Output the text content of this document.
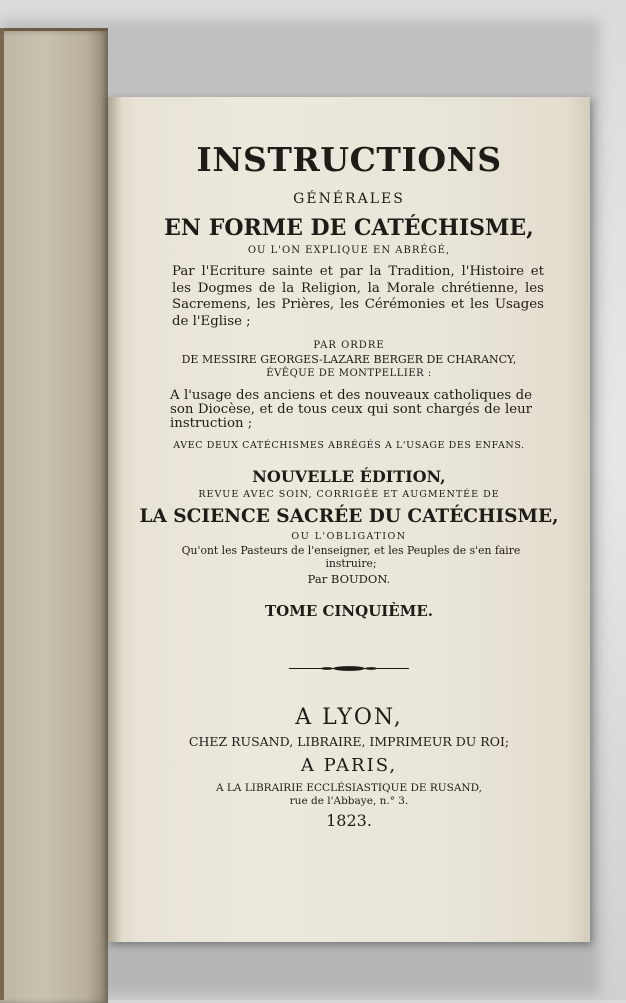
INSTRUCTIONS
GÉNÉRALES
EN FORME DE CATÉCHISME,
OU L'ON EXPLIQUE EN ABRÉGÉ,
Par l'Ecriture sainte et par la Tradition, l'Histoire et les Dogmes de la Religion, la Morale chrétienne, les Sacremens, les Prières, les Cérémonies et les Usages de l'Eglise ;
PAR ORDRE
DE MESSIRE GEORGES-LAZARE BERGER DE CHARANCY,
ÉVÊQUE DE MONTPELLIER :
A l'usage des anciens et des nouveaux catholiques de son Diocèse, et de tous ceux qui sont chargés de leur instruction ;
AVEC DEUX CATÉCHISMES ABRÉGÉS A L'USAGE DES ENFANS.
NOUVELLE ÉDITION,
REVUE AVEC SOIN, CORRIGÉE ET AUGMENTÉE DE
LA SCIENCE SACRÉE DU CATÉCHISME,
OU L'OBLIGATION
Qu'ont les Pasteurs de l'enseigner, et les Peuples de s'en faire instruire;
Par BOUDON.
TOME CINQUIÈME.
A LYON,
CHEZ RUSAND, LIBRAIRE, IMPRIMEUR DU ROI;
A PARIS,
A LA LIBRAIRIE ECCLÉSIASTIQUE DE RUSAND,
rue de l'Abbaye, n.° 3.
1823.
